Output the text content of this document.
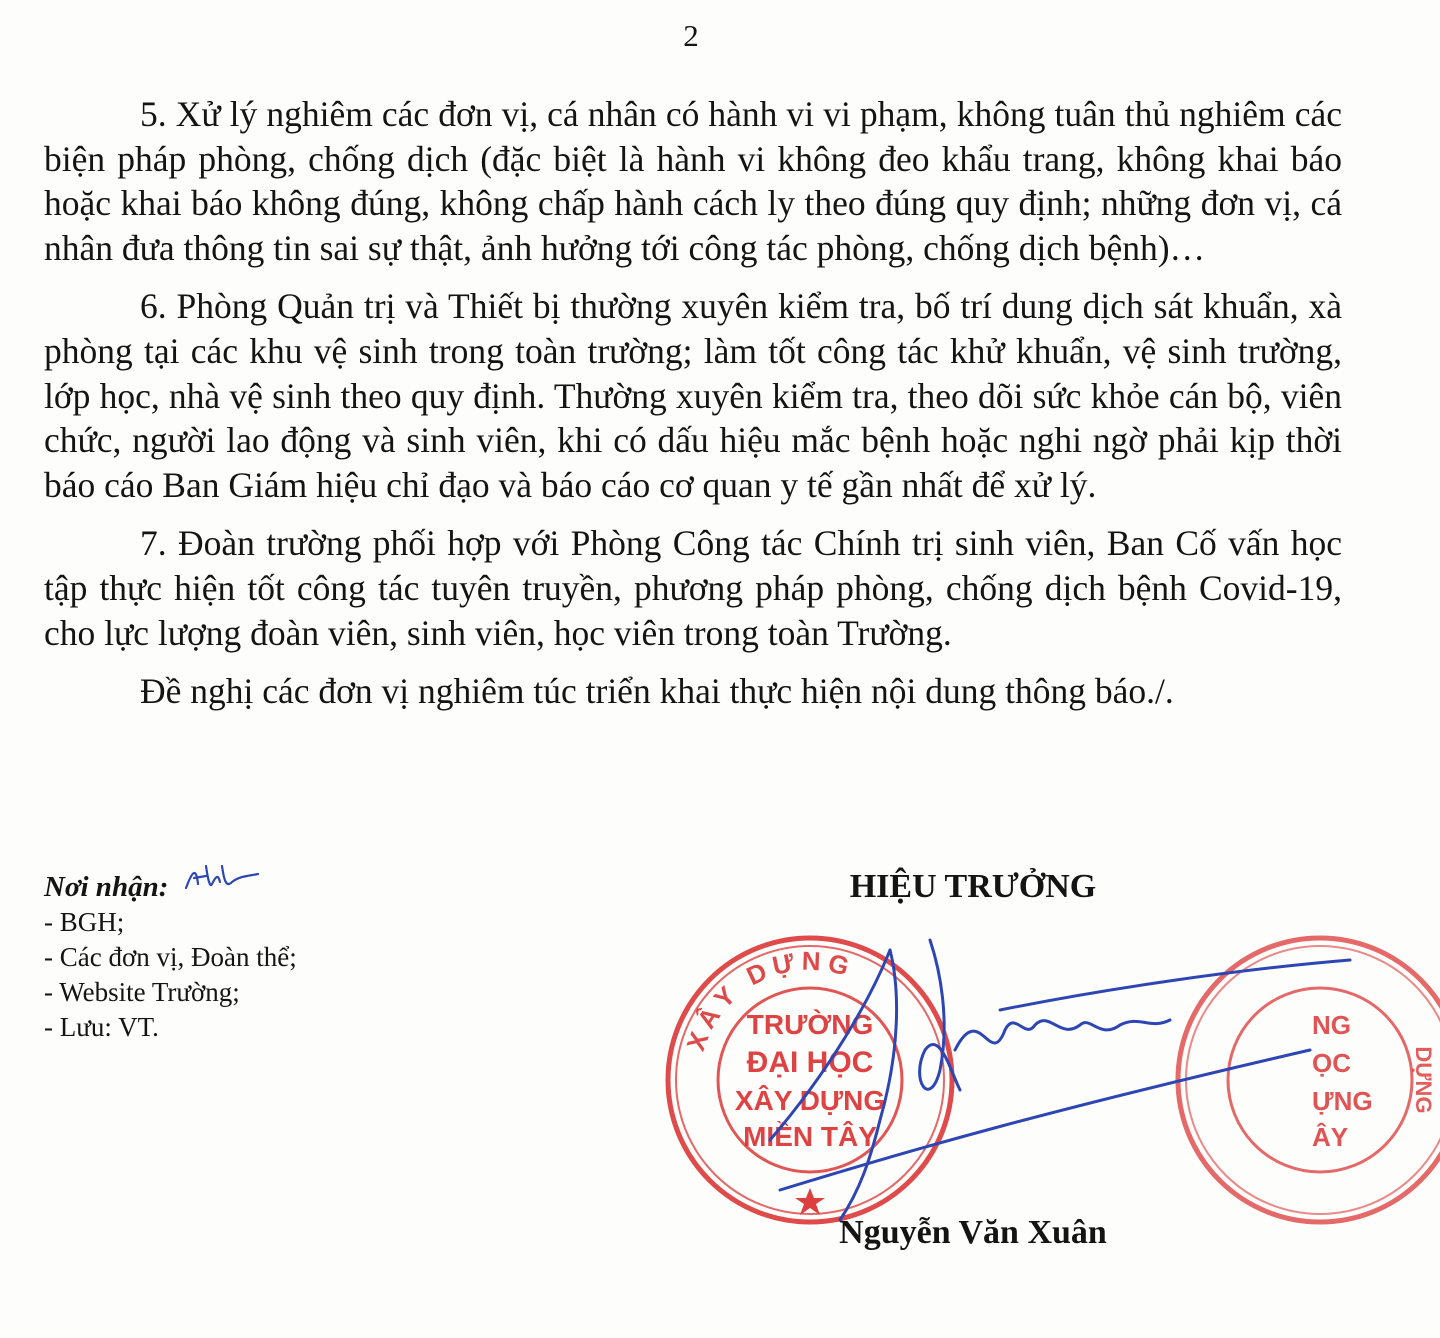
2

5. Xử lý nghiêm các đơn vị, cá nhân có hành vi vi phạm, không tuân thủ nghiêm các biện pháp phòng, chống dịch (đặc biệt là hành vi không đeo khẩu trang, không khai báo hoặc khai báo không đúng, không chấp hành cách ly theo đúng quy định; những đơn vị, cá nhân đưa thông tin sai sự thật, ảnh hưởng tới công tác phòng, chống dịch bệnh)…

6. Phòng Quản trị và Thiết bị thường xuyên kiểm tra, bố trí dung dịch sát khuẩn, xà phòng tại các khu vệ sinh trong toàn trường; làm tốt công tác khử khuẩn, vệ sinh trường, lớp học, nhà vệ sinh theo quy định. Thường xuyên kiểm tra, theo dõi sức khỏe cán bộ, viên chức, người lao động và sinh viên, khi có dấu hiệu mắc bệnh hoặc nghi ngờ phải kịp thời báo cáo Ban Giám hiệu chỉ đạo và báo cáo cơ quan y tế gần nhất để xử lý.

7. Đoàn trường phối hợp với Phòng Công tác Chính trị sinh viên, Ban Cố vấn học tập thực hiện tốt công tác tuyên truyền, phương pháp phòng, chống dịch bệnh Covid-19, cho lực lượng đoàn viên, sinh viên, học viên trong toàn Trường.

Đề nghị các đơn vị nghiêm túc triển khai thực hiện nội dung thông báo./.

Nơi nhận:
- BGH;
- Các đơn vị, Đoàn thể;
- Website Trường;
- Lưu: VT.
HIỆU TRƯỞNG
XÂY DỰNG
TRƯỜNG
ĐẠI HỌC
XÂY DỰNG
MIỀN TÂY
NG
ỌC
ỰNG
ÂY
DỰNG
Nguyễn Văn Xuân
